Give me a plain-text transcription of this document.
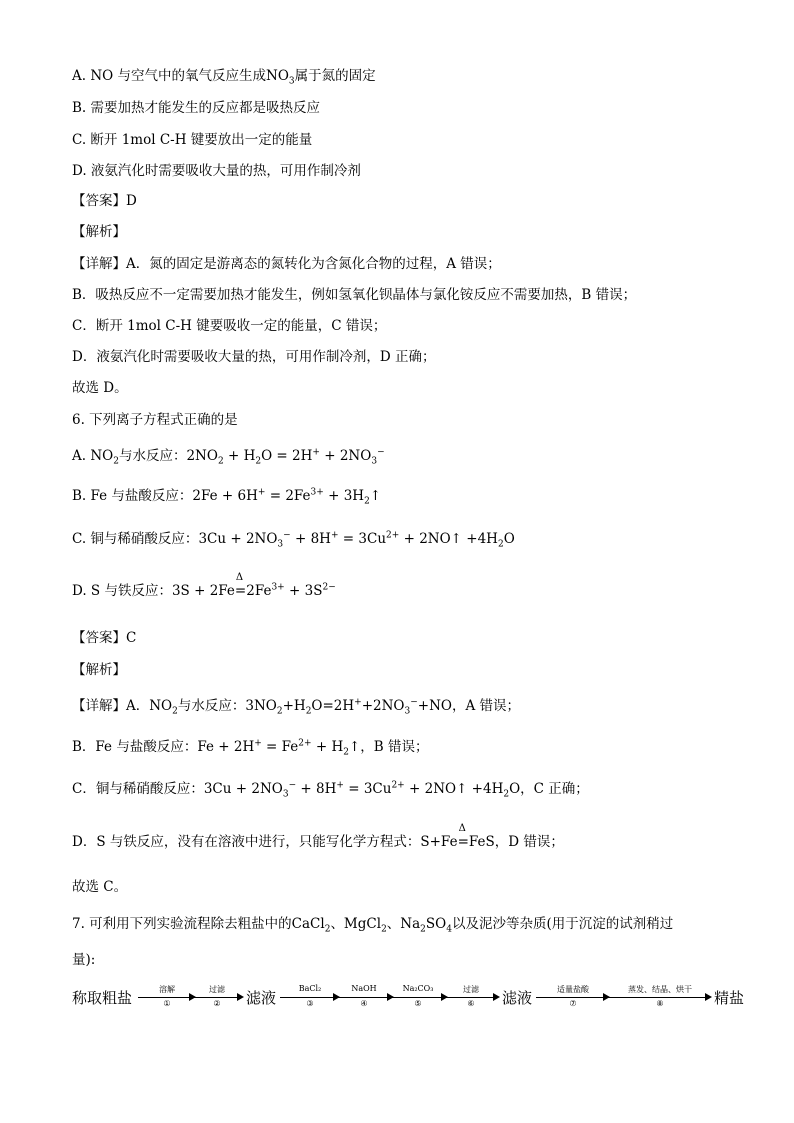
A. NO 与空气中的氧气反应生成$NO_3$属于氮的固定
B. 需要加热才能发生的反应都是吸热反应
C. 断开 1mol C-H 键要放出一定的能量
D. 液氨汽化时需要吸收大量的热，可用作制冷剂
【答案】D
【解析】
【详解】A．氮的固定是游离态的氮转化为含氮化合物的过程，A 错误；
B．吸热反应不一定需要加热才能发生，例如氢氧化钡晶体与氯化铵反应不需要加热，B 错误；
C．断开 1mol C-H 键要吸收一定的能量，C 错误；
D．液氨汽化时需要吸收大量的热，可用作制冷剂，D 正确；
故选 D。
6. 下列离子方程式正确的是
A. $NO_2$与水反应：$2NO_2 + H_2O = 2H^+ + 2NO_3^-$
B. Fe 与盐酸反应：$2Fe + 6H^+ = 2Fe^{3+}$ + $3H_2↑$
C. 铜与稀硝酸反应：$3Cu + 2NO_3^- + 8H^+ = 3Cu^{2+}$ + 2NO↑ $+4H_2O$
D. S 与铁反应：3S + 2Fe
Δ
$=2Fe^{3+} + 3S^{2-}$
【答案】C
【解析】
【详解】A．$NO_2$与水反应：$3NO_2+H_2O=2H^++2NO_3^-+NO$，A 错误；
B．Fe 与盐酸反应：$Fe + 2H^+ = Fe^{2+}$ + $H_2↑$，B 错误；
C．铜与稀硝酸反应：$3Cu + 2NO_3^- + 8H^+ = 3Cu^{2+}$ + 2NO↑ $+4H_2O$，C 正确；
D．S 与铁反应，没有在溶液中进行，只能写化学方程式：S+Fe
Δ
=FeS，D 错误；
故选 C。
7. 可利用下列实验流程除去粗盐中的CaCl$_2$、MgCl$_2$、$Na_2SO_4$以及泥沙等杂质(用于沉淀的试剂稍过
量):
称取粗盐	溶解
①
过滤
②	滤液
BaCl₂
③
NaOH
④
Na₂CO₃
⑤
过滤
⑥	滤液	适量盐酸
⑦
蒸发、结晶、烘干
⑧	精盐
